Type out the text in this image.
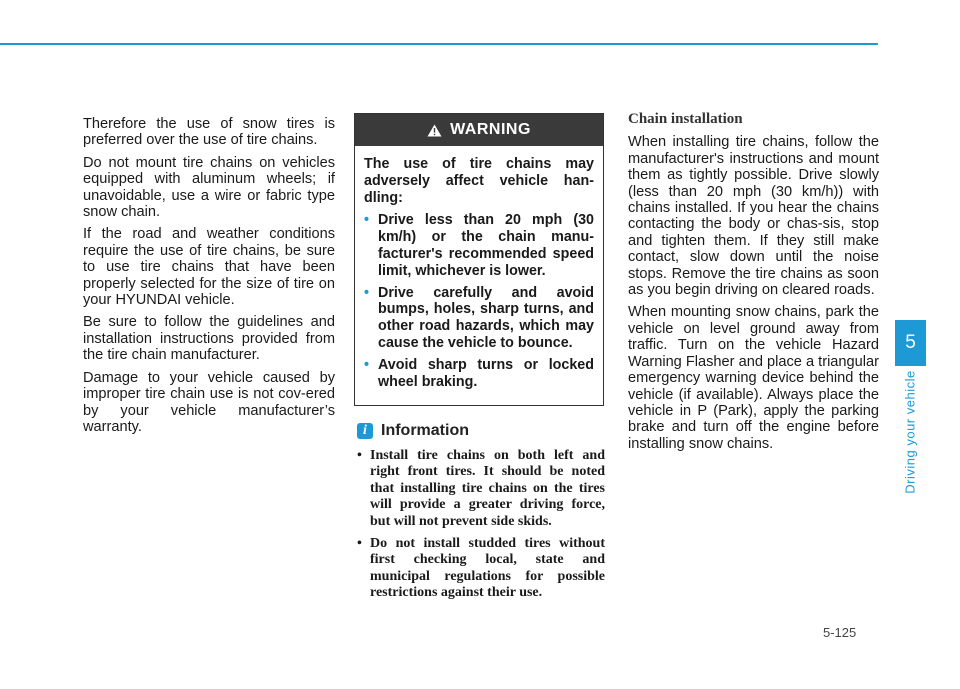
Therefore the use of snow tires is preferred over the use of tire chains.

Do not mount tire chains on vehicles equipped with aluminum wheels; if unavoidable, use a wire or fabric type snow chain.

If the road and weather conditions require the use of tire chains, be sure to use tire chains that have been properly selected for the size of tire on your HYUNDAI vehicle.

Be sure to follow the guidelines and installation instructions provided from the tire chain manufacturer.

Damage to your vehicle caused by improper tire chain use is not cov-ered by your vehicle manufacturer’s warranty.

WARNING

The use of tire chains may adversely affect vehicle han-dling:

• Drive less than 20 mph (30 km/h) or the chain manu-facturer's recommended speed limit, whichever is lower.
• Drive carefully and avoid bumps, holes, sharp turns, and other road hazards, which may cause the vehicle to bounce.
• Avoid sharp turns or locked wheel braking.
i Information
• Install tire chains on both left and right front tires. It should be noted that installing tire chains on the tires will provide a greater driving force, but will not prevent side skids.
• Do not install studded tires without first checking local, state and municipal regulations for possible restrictions against their use.
Chain installation

When installing tire chains, follow the manufacturer's instructions and mount them as tightly possible. Drive slowly (less than 20 mph (30 km/h)) with chains installed. If you hear the chains contacting the body or chas-sis, stop and tighten them. If they still make contact, slow down until the noise stops. Remove the tire chains as soon as you begin driving on cleared roads.

When mounting snow chains, park the vehicle on level ground away from traffic. Turn on the vehicle Hazard Warning Flasher and place a triangular emergency warning device behind the vehicle (if available). Always place the vehicle in P (Park), apply the parking brake and turn off the engine before installing snow chains.

5
Driving your vehicle
5-125
